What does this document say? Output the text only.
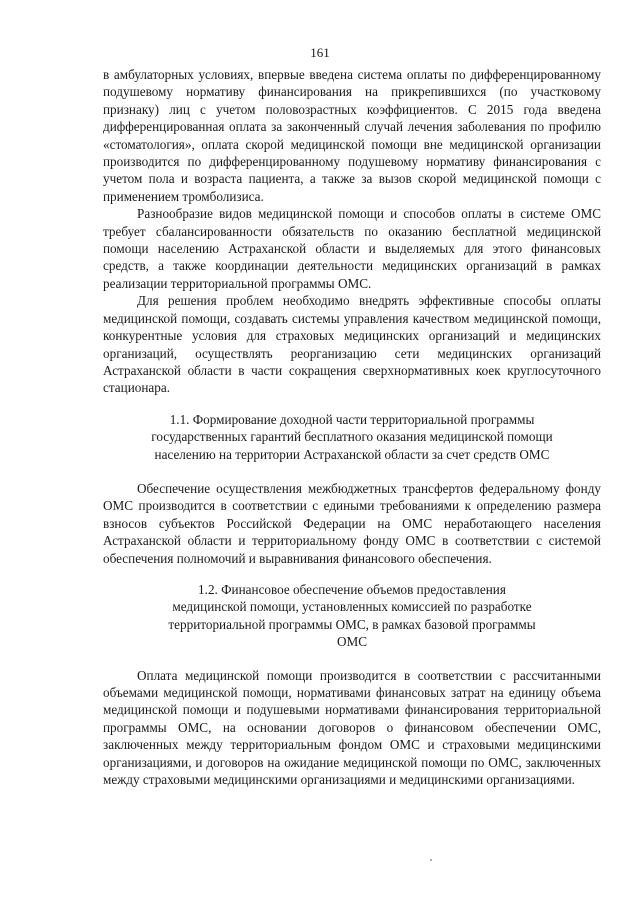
161

в амбулаторных условиях, впервые введена система оплаты по дифференцированному подушевому нормативу финансирования на прикрепившихся (по участковому признаку) лиц с учетом половозрастных коэффициентов. С 2015 года введена дифференцированная оплата за законченный случай лечения заболевания по профилю «стоматология», оплата скорой медицинской помощи вне медицинской организации производится по дифференцированному подушевому нормативу финансирования с учетом пола и возраста пациента, а также за вызов скорой медицинской помощи с применением тромболизиса.

Разнообразие видов медицинской помощи и способов оплаты в системе ОМС требует сбалансированности обязательств по оказанию бесплатной медицинской помощи населению Астраханской области и выделяемых для этого финансовых средств, а также координации деятельности медицинских организаций в рамках реализации территориальной программы ОМС.

Для решения проблем необходимо внедрять эффективные способы оплаты медицинской помощи, создавать системы управления качеством медицинской помощи, конкурентные условия для страховых медицинских организаций и медицинских организаций, осуществлять реорганизацию сети медицинских организаций Астраханской области в части сокращения сверхнормативных коек круглосуточного стационара.

1.1. Формирование доходной части территориальной программы государственных гарантий бесплатного оказания медицинской помощи населению на территории Астраханской области за счет средств ОМС

Обеспечение осуществления межбюджетных трансфертов федеральному фонду ОМС производится в соответствии с едиными требованиями к определению размера взносов субъектов Российской Федерации на ОМС неработающего населения Астраханской области и территориальному фонду ОМС в соответствии с системой обеспечения полномочий и выравнивания финансового обеспечения.

1.2. Финансовое обеспечение объемов предоставления медицинской помощи, установленных комиссией по разработке территориальной программы ОМС, в рамках базовой программы ОМС

Оплата медицинской помощи производится в соответствии с рассчитанными объемами медицинской помощи, нормативами финансовых затрат на единицу объема медицинской помощи и подушевыми нормативами финансирования территориальной программы ОМС, на основании договоров о финансовом обеспечении ОМС, заключенных между территориальным фондом ОМС и страховыми медицинскими организациями, и договоров на ожидание медицинской помощи по ОМС, заключенных между страховыми медицинскими организациями и медицинскими организациями.
